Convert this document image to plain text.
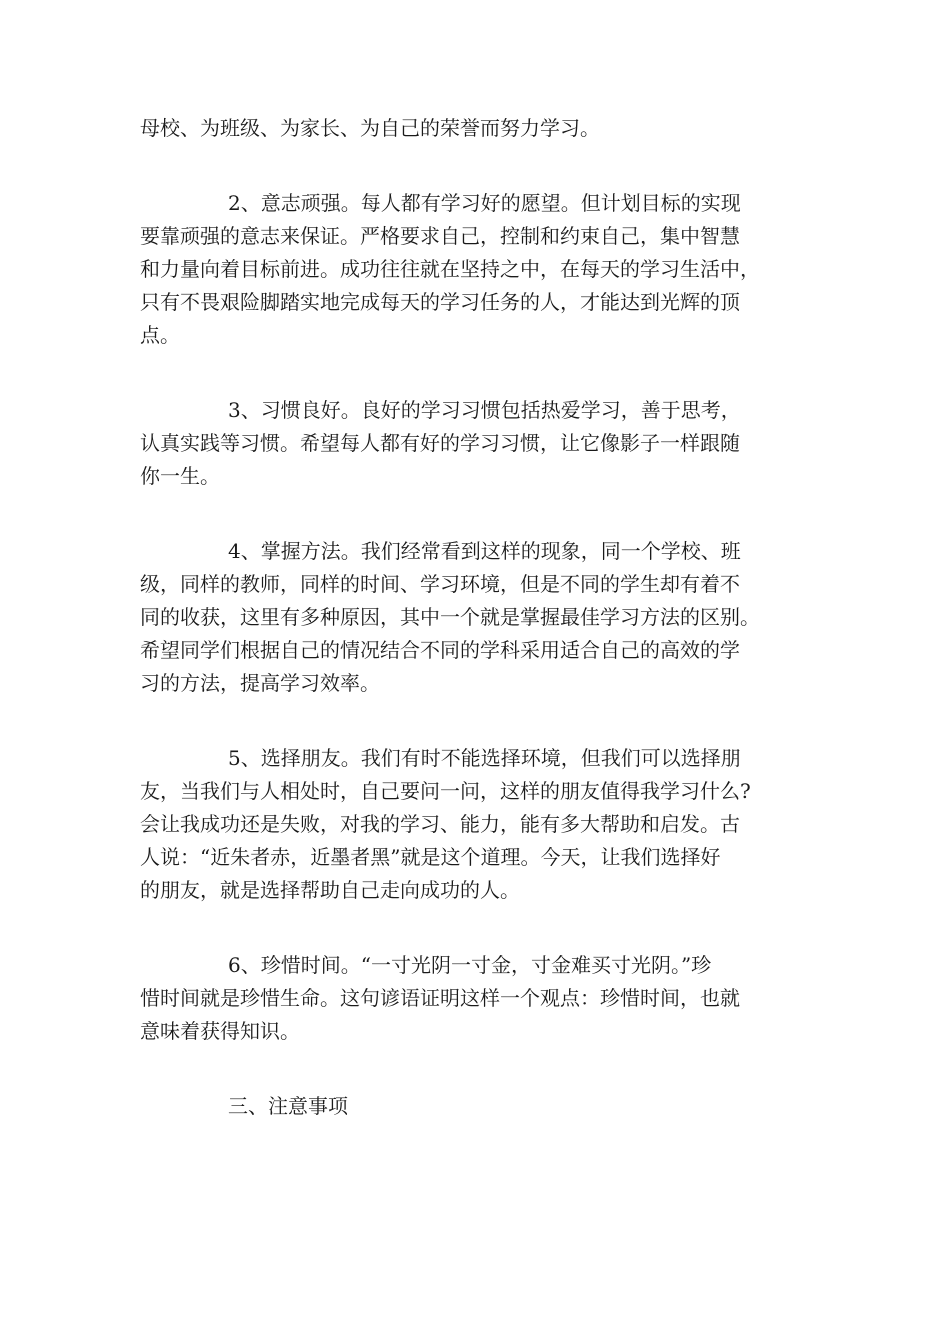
母校、为班级、为家长、为自己的荣誉而努力学习。
2、意志顽强。每人都有学习好的愿望。但计划目标的实现
要靠顽强的意志来保证。严格要求自己，控制和约束自己，集中智慧
和力量向着目标前进。成功往往就在坚持之中，在每天的学习生活中，
只有不畏艰险脚踏实地完成每天的学习任务的人，才能达到光辉的顶
点。
3、习惯良好。良好的学习习惯包括热爱学习，善于思考，
认真实践等习惯。希望每人都有好的学习习惯，让它像影子一样跟随
你一生。
4、掌握方法。我们经常看到这样的现象，同一个学校、班
级，同样的教师，同样的时间、学习环境，但是不同的学生却有着不
同的收获，这里有多种原因，其中一个就是掌握最佳学习方法的区别。
希望同学们根据自己的情况结合不同的学科采用适合自己的高效的学
习的方法，提高学习效率。
5、选择朋友。我们有时不能选择环境，但我们可以选择朋
友，当我们与人相处时，自己要问一问，这样的朋友值得我学习什么?
会让我成功还是失败，对我的学习、能力，能有多大帮助和启发。古
人说：“近朱者赤，近墨者黑”就是这个道理。今天，让我们选择好
的朋友，就是选择帮助自己走向成功的人。
6、珍惜时间。“一寸光阴一寸金，寸金难买寸光阴。”珍
惜时间就是珍惜生命。这句谚语证明这样一个观点：珍惜时间，也就
意味着获得知识。
三、注意事项
